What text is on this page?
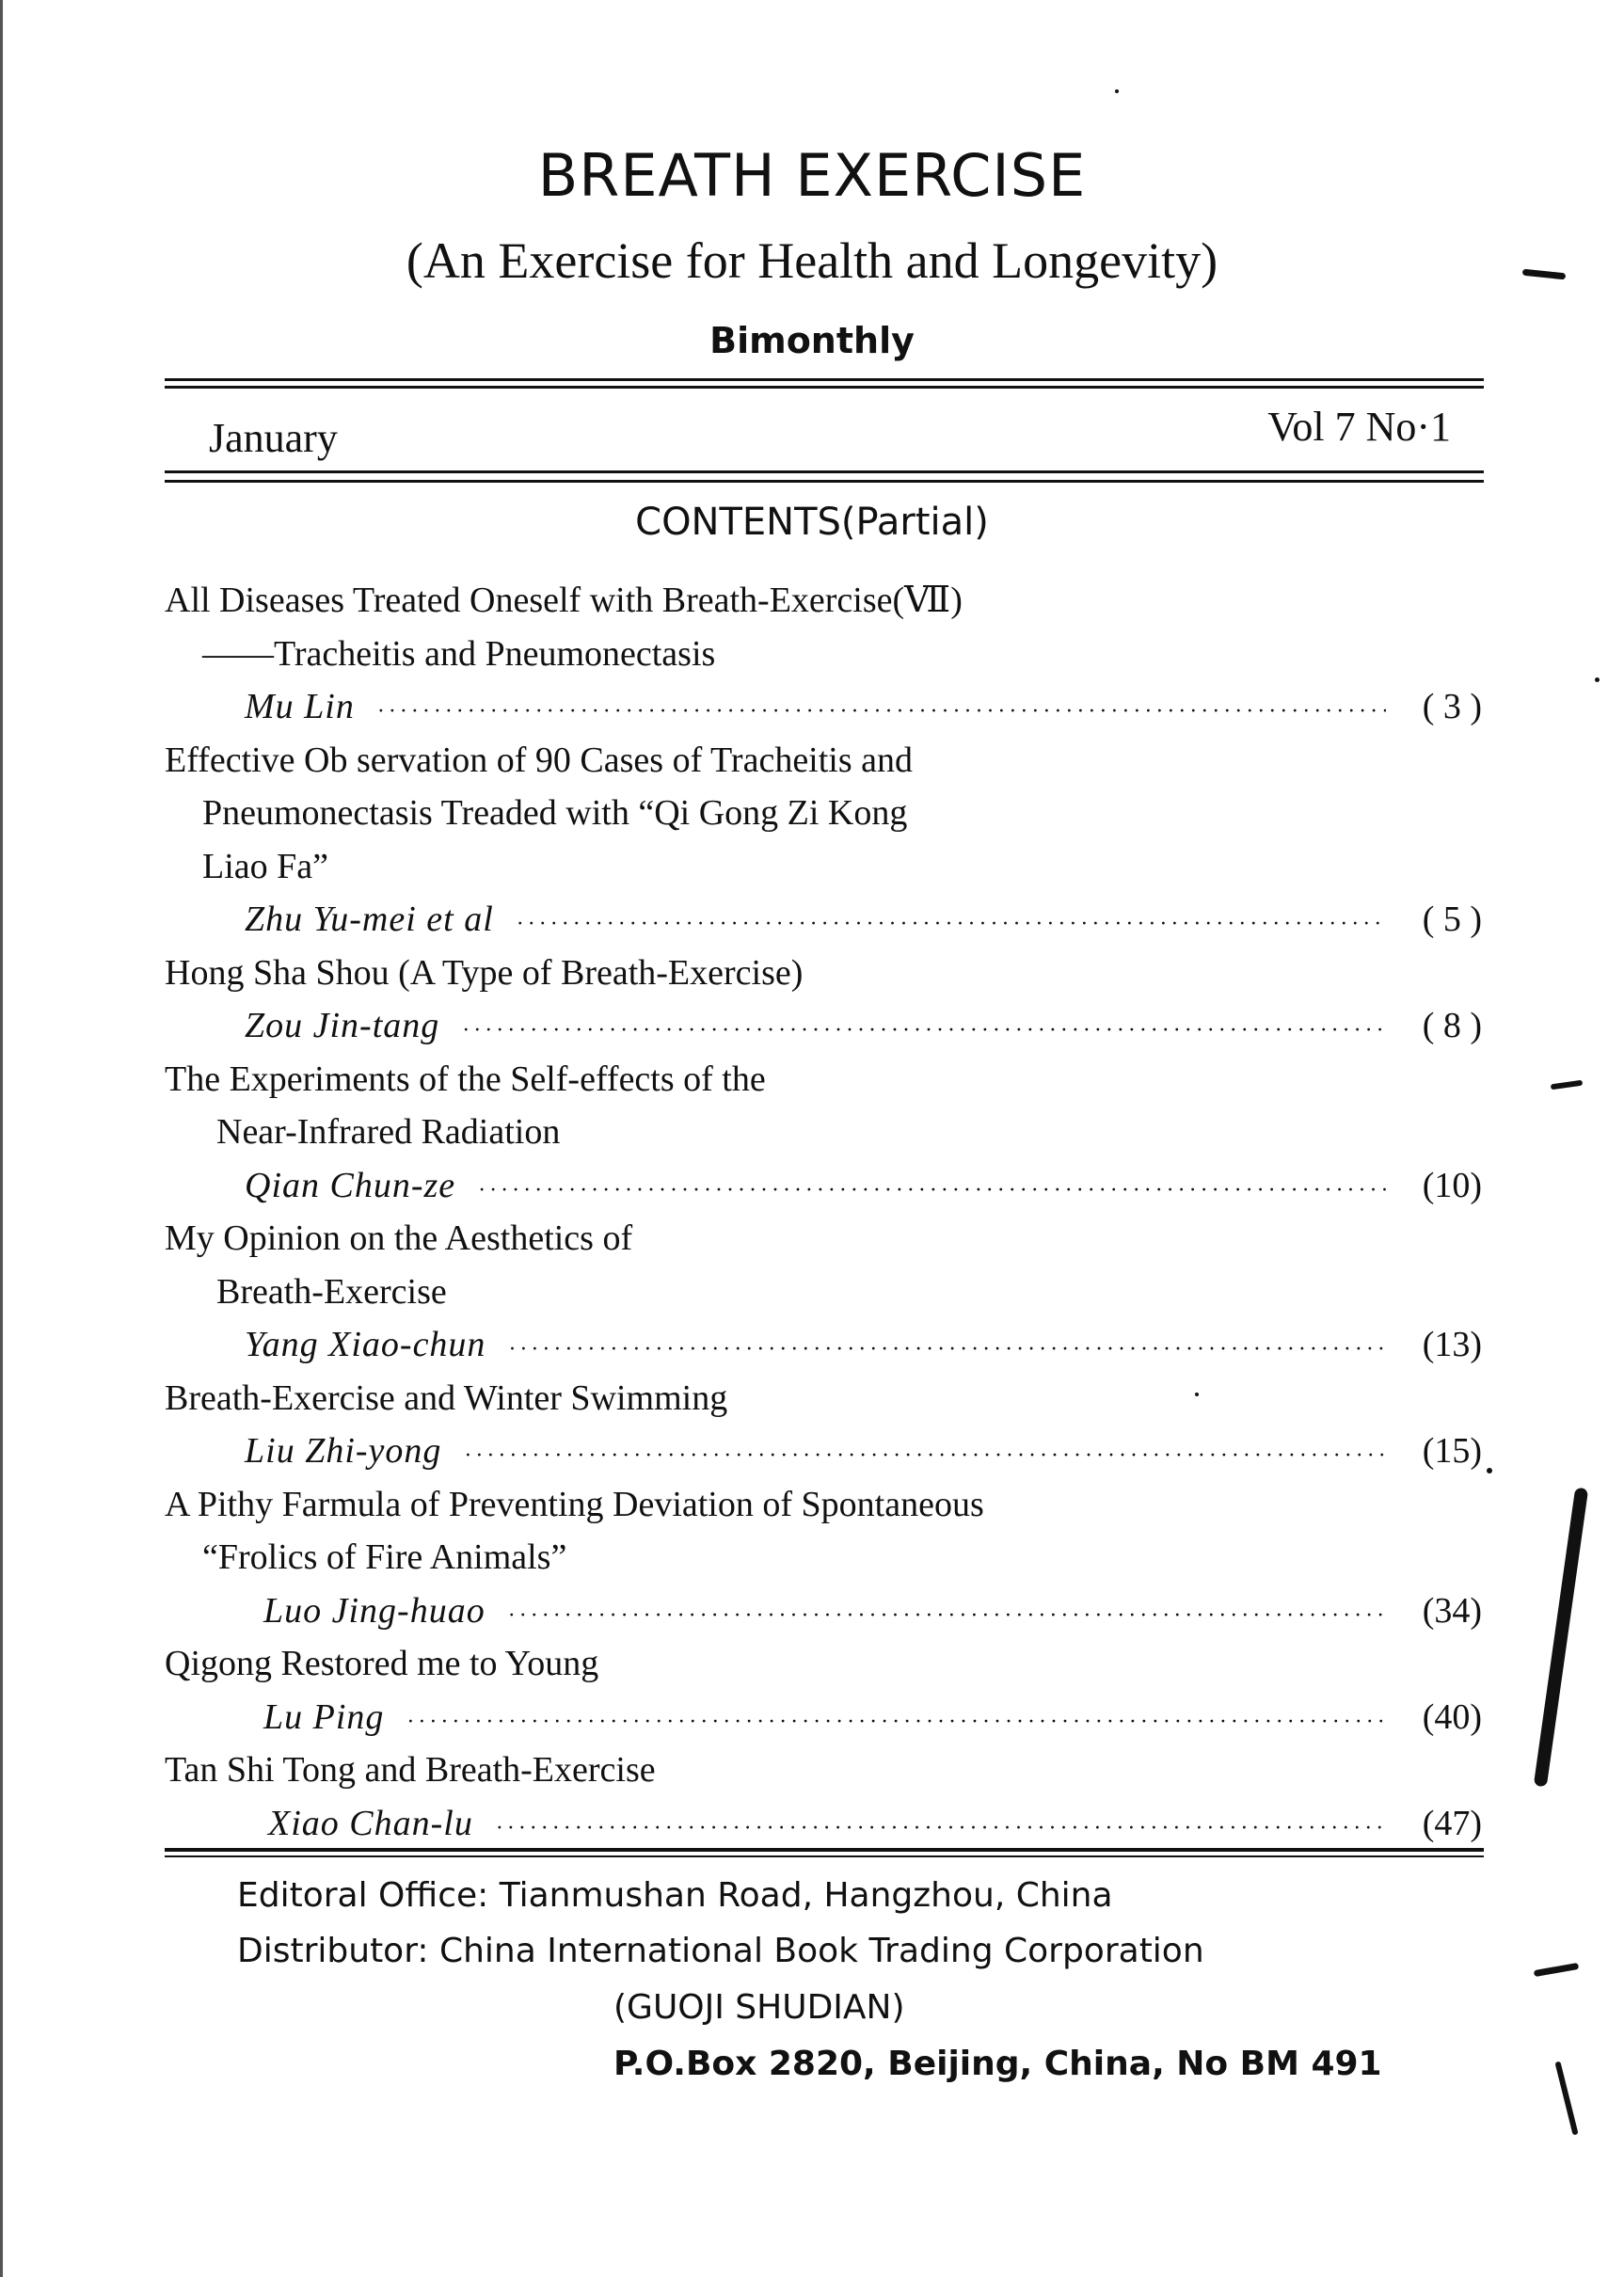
BREATH EXERCISE
(An Exercise for Health and Longevity)
Bimonthly
January	Vol 7 No·1
CONTENTS(Partial)
All Diseases Treated Oneself with Breath-Exercise(Ⅶ)
——Tracheitis and Pneumonectasis
Mu Lin ·····	( 3 )
Effective Ob servation of 90 Cases of Tracheitis and
Pneumonectasis Treaded with “Qi Gong Zi Kong
Liao Fa”
Zhu Yu-mei et al ·····	( 5 )
Hong Sha Shou (A Type of Breath-Exercise)
Zou Jin-tang ·····	( 8 )
The Experiments of the Self-effects of the
Near-Infrared Radiation
Qian Chun-ze ·····	(10)
My Opinion on the Aesthetics of
Breath-Exercise
Yang Xiao-chun ·····	(13)
Breath-Exercise and Winter Swimming
Liu Zhi-yong ·····	(15)
A Pithy Farmula of Preventing Deviation of Spontaneous
“Frolics of Fire Animals”
Luo Jing-huao ·····	(34)
Qigong Restored me to Young
Lu Ping ·····	(40)
Tan Shi Tong and Breath-Exercise
Xiao Chan-lu ·····	(47)
Editoral Office: Tianmushan Road, Hangzhou, China
Distributor: China International Book Trading Corporation
(GUOJI SHUDIAN)
P.O.Box 2820, Beijing, China, No BM 491
